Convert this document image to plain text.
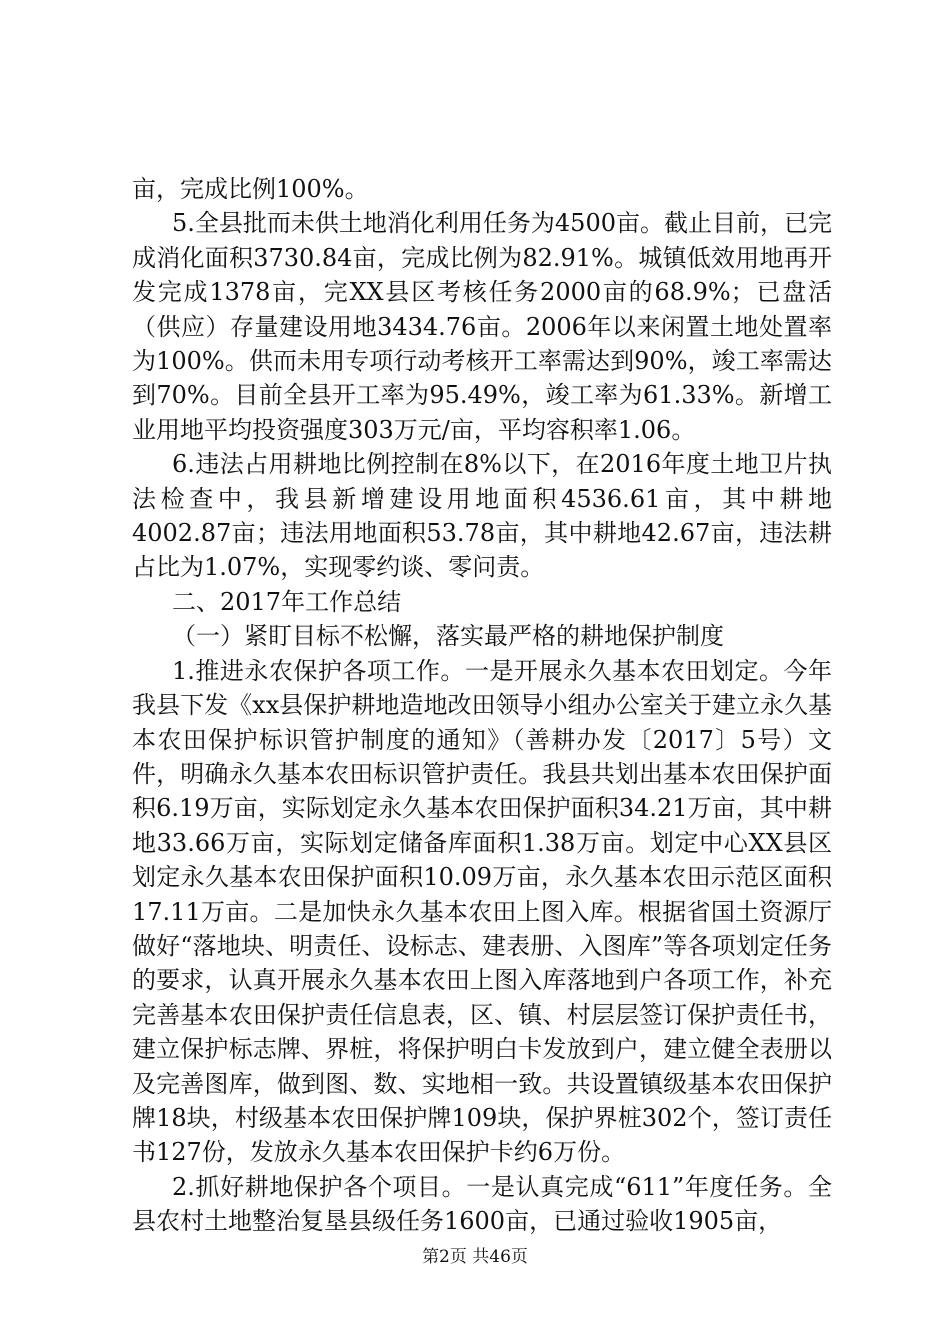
亩，完成比例100%。

5.全县批而未供土地消化利用任务为4500亩。截止目前，已完成消化面积3730.84亩，完成比例为82.91%。城镇低效用地再开发完成1378亩，完XX县区考核任务2000亩的68.9%；已盘活（供应）存量建设用地3434.76亩。2006年以来闲置土地处置率为100%。供而未用专项行动考核开工率需达到90%，竣工率需达到70%。目前全县开工率为95.49%，竣工率为61.33%。新增工业用地平均投资强度303万元/亩，平均容积率1.06。

6.违法占用耕地比例控制在8%以下，在2016年度土地卫片执法检查中，我县新增建设用地面积4536.61亩，其中耕地4002.87亩；违法用地面积53.78亩，其中耕地42.67亩，违法耕占比为1.07%，实现零约谈、零问责。

二、2017年工作总结

（一）紧盯目标不松懈，落实最严格的耕地保护制度

1.推进永农保护各项工作。一是开展永久基本农田划定。今年我县下发《xx县保护耕地造地改田领导小组办公室关于建立永久基本农田保护标识管护制度的通知》（善耕办发〔2017〕5号）文件，明确永久基本农田标识管护责任。我县共划出基本农田保护面积6.19万亩，实际划定永久基本农田保护面积34.21万亩，其中耕地33.66万亩，实际划定储备库面积1.38万亩。划定中心XX县区划定永久基本农田保护面积10.09万亩，永久基本农田示范区面积17.11万亩。二是加快永久基本农田上图入库。根据省国土资源厅做好“落地块、明责任、设标志、建表册、入图库”等各项划定任务的要求，认真开展永久基本农田上图入库落地到户各项工作，补充完善基本农田保护责任信息表，区、镇、村层层签订保护责任书，建立保护标志牌、界桩，将保护明白卡发放到户，建立健全表册以及完善图库，做到图、数、实地相一致。共设置镇级基本农田保护牌18块，村级基本农田保护牌109块，保护界桩302个，签订责任书127份，发放永久基本农田保护卡约6万份。

2.抓好耕地保护各个项目。一是认真完成“611”年度任务。全县农村土地整治复垦县级任务1600亩，已通过验收1905亩，

第2页 共46页
